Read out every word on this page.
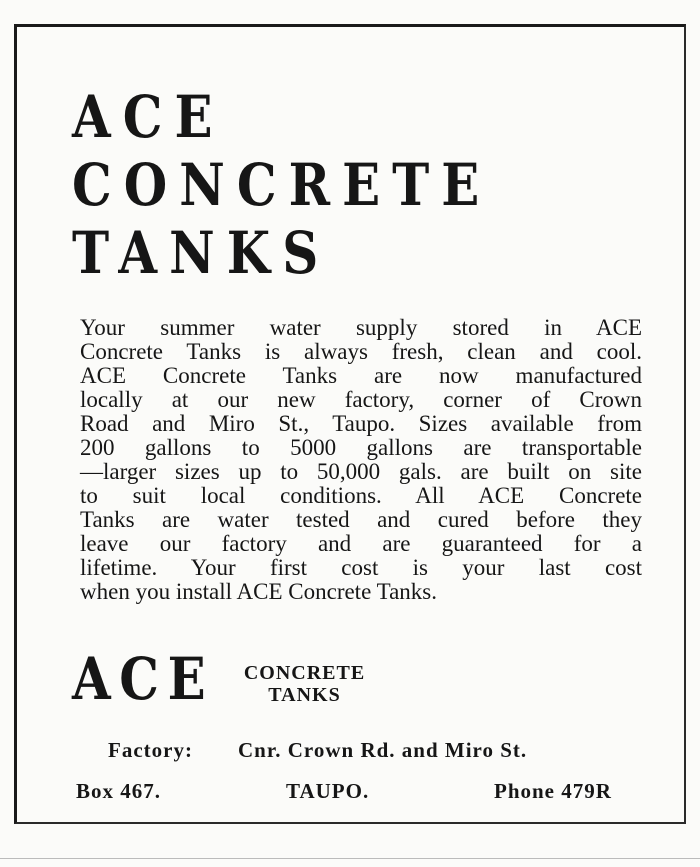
ACE
CONCRETE
TANKS

Your summer water supply stored in ACE
Concrete Tanks is always fresh, clean and cool.
ACE Concrete Tanks are now manufactured
locally at our new factory, corner of Crown
Road and Miro St., Taupo. Sizes available from
200 gallons to 5000 gallons are transportable
—larger sizes up to 50,000 gals. are built on site
to suit local conditions. All ACE Concrete
Tanks are water tested and cured before they
leave our factory and are guaranteed for a
lifetime. Your first cost is your last cost
when you install ACE Concrete Tanks.

ACE	CONCRETE
TANKS
Factory: Cnr. Crown Rd. and Miro St.
Box 467.	TAUPO.	Phone 479R
